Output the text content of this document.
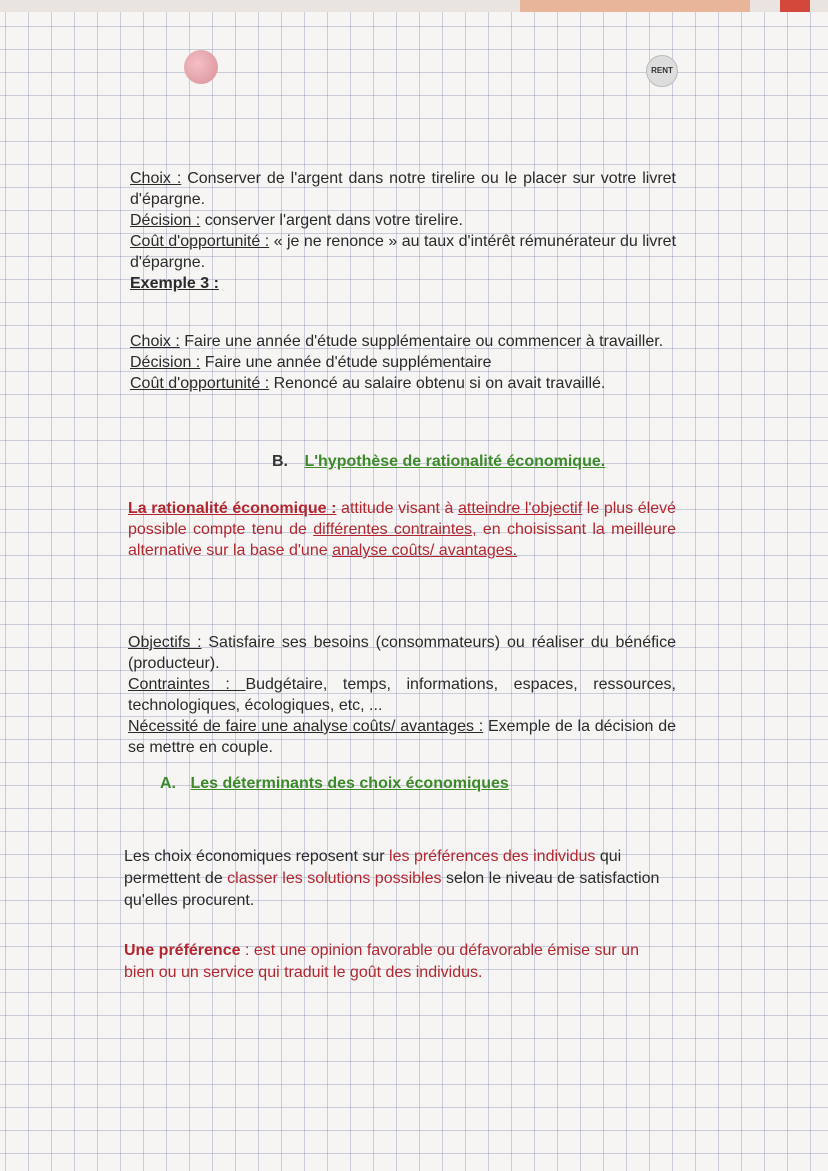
RENT
Choix : Conserver de l'argent dans notre tirelire ou le placer sur votre livret d'épargne.
Décision : conserver l'argent dans votre tirelire.
Coût d'opportunité : « je ne renonce » au taux d'intérêt rémunérateur du livret d'épargne.
Exemple 3 :
Choix : Faire une année d'étude supplémentaire ou commencer à travailler.
Décision : Faire une année d'étude supplémentaire
Coût d'opportunité : Renoncé au salaire obtenu si on avait travaillé.
B. L'hypothèse de rationalité économique.
La rationalité économique : attitude visant à atteindre l'objectif le plus élevé possible compte tenu de différentes contraintes, en choisissant la meilleure alternative sur la base d'une analyse coûts/ avantages.
Objectifs : Satisfaire ses besoins (consommateurs) ou réaliser du bénéfice (producteur).
Contraintes : Budgétaire, temps, informations, espaces, ressources, technologiques, écologiques, etc, ...
Nécessité de faire une analyse coûts/ avantages : Exemple de la décision de se mettre en couple.
A. Les déterminants des choix économiques
Les choix économiques reposent sur les préférences des individus qui permettent de classer les solutions possibles selon le niveau de satisfaction qu'elles procurent.
Une préférence : est une opinion favorable ou défavorable émise sur un bien ou un service qui traduit le goût des individus.
